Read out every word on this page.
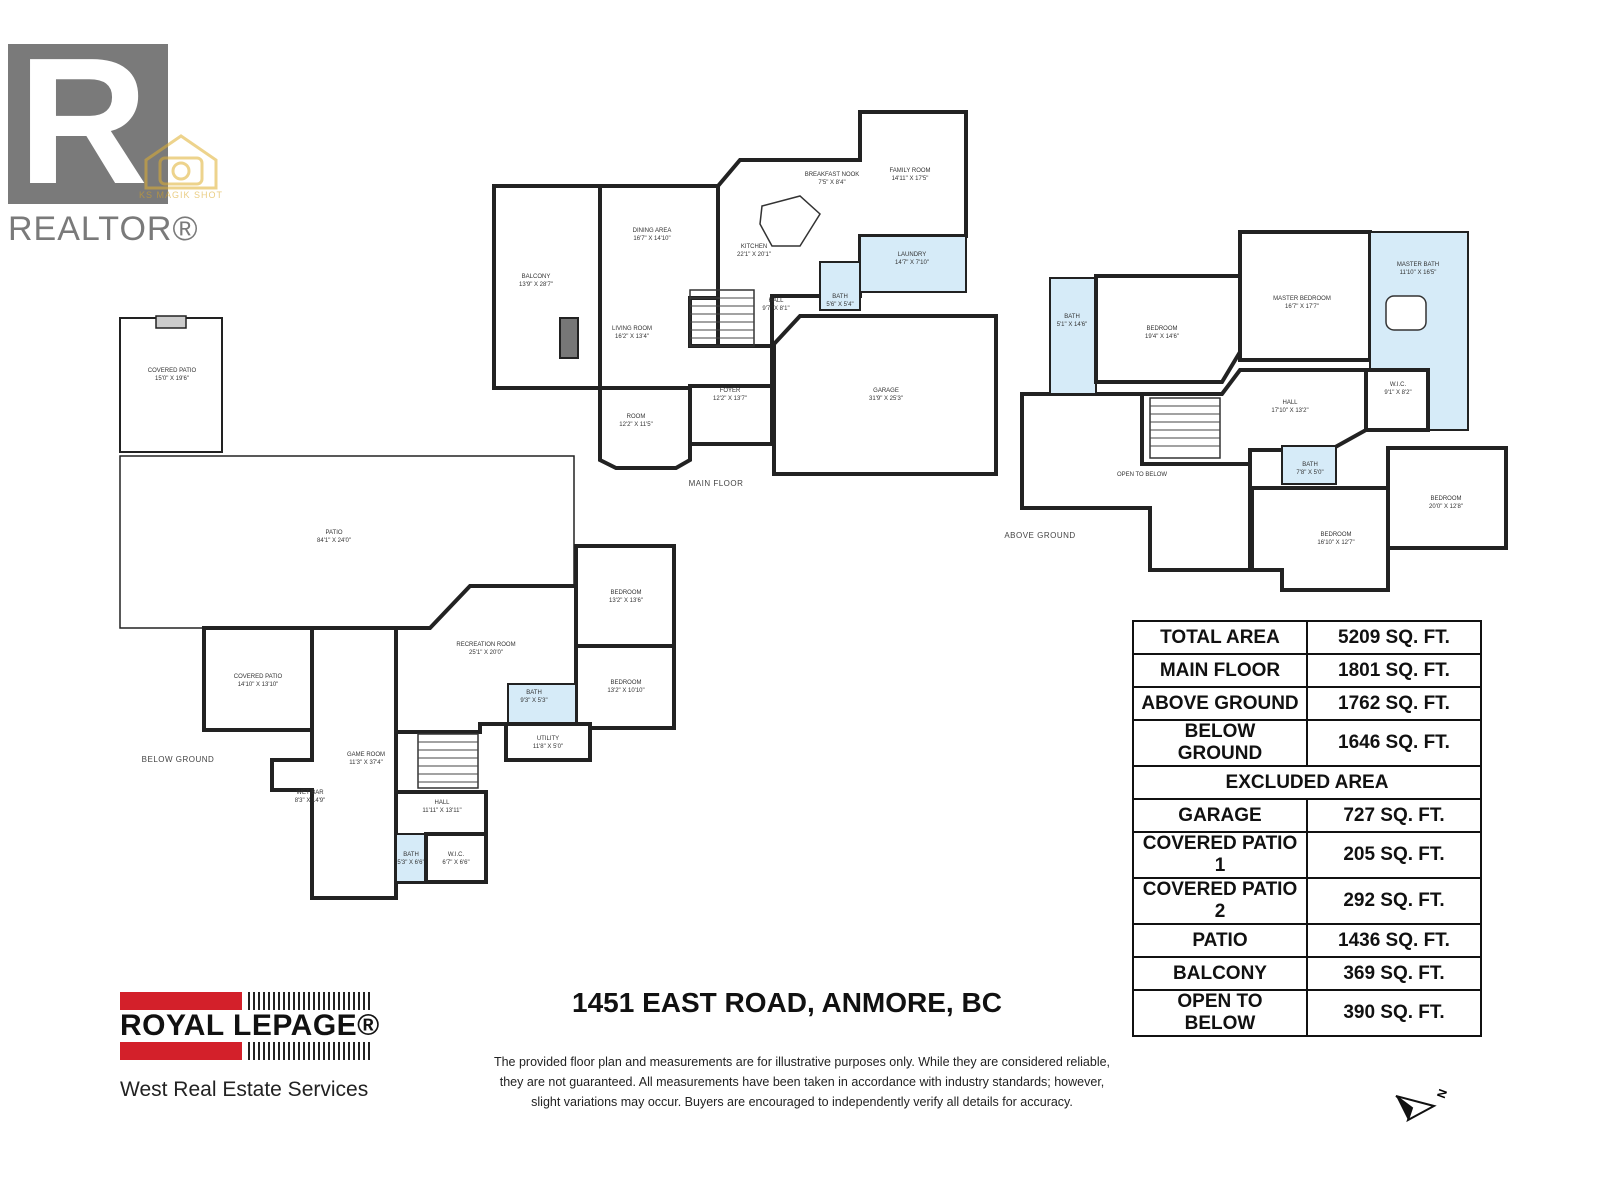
R
REALTOR®
KS MAGIK SHOT
DINING AREA
16'7" X 14'10"
KITCHEN
22'1" X 20'1"
BREAKFAST NOOK
7'5" X 8'4"
FAMILY ROOM
14'11" X 17'5"
BALCONY
13'9" X 28'7"
LIVING ROOM
16'2" X 13'4"
LAUNDRY
14'7" X 7'10"
BATH
5'6" X 5'4"
HALL
9'7" X 8'1"
GARAGE
31'9" X 25'3"
FOYER
12'2" X 13'7"
ROOM
12'2" X 11'5"
MAIN FLOOR
MASTER BEDROOM
16'7" X 17'7"
MASTER BATH
11'10" X 16'5"
BEDROOM
19'4" X 14'6"
BATH
5'1" X 14'6"
W.I.C.
9'1" X 8'2"
HALL
17'10" X 13'2"
OPEN TO BELOW
BATH
7'8" X 5'0"
BEDROOM
20'0" X 12'8"
BEDROOM
16'10" X 12'7"
ABOVE GROUND
COVERED PATIO
15'0" X 19'6"
PATIO
84'1" X 24'0"
COVERED PATIO
14'10" X 13'10"
RECREATION ROOM
25'1" X 20'0"
BEDROOM
13'2" X 13'6"
BEDROOM
13'2" X 10'10"
BATH
9'3" X 5'3"
UTILITY
11'8" X 5'0"
GAME ROOM
11'3" X 37'4"
WET BAR
8'3" X 14'9"	HALL
11'11" X 13'11"
BATH
5'3" X 6'6"
W.I.C.
6'7" X 6'6"
BELOW GROUND
TOTAL AREA	5209 SQ. FT.
MAIN FLOOR	1801 SQ. FT.
ABOVE GROUND	1762 SQ. FT.
BELOW GROUND	1646 SQ. FT.
EXCLUDED AREA	
GARAGE	727 SQ. FT.
COVERED PATIO 1	205 SQ. FT.
COVERED PATIO 2	292 SQ. FT.
PATIO	1436 SQ. FT.
BALCONY	369 SQ. FT.
OPEN TO BELOW	390 SQ. FT.
1451 EAST ROAD, ANMORE, BC
The provided floor plan and measurements are for illustrative purposes only. While they are considered reliable,
they are not guaranteed. All measurements have been taken in accordance with industry standards; however,
slight variations may occur. Buyers are encouraged to independently verify all details for accuracy.
ROYAL LEPAGE®
West Real Estate Services	N
